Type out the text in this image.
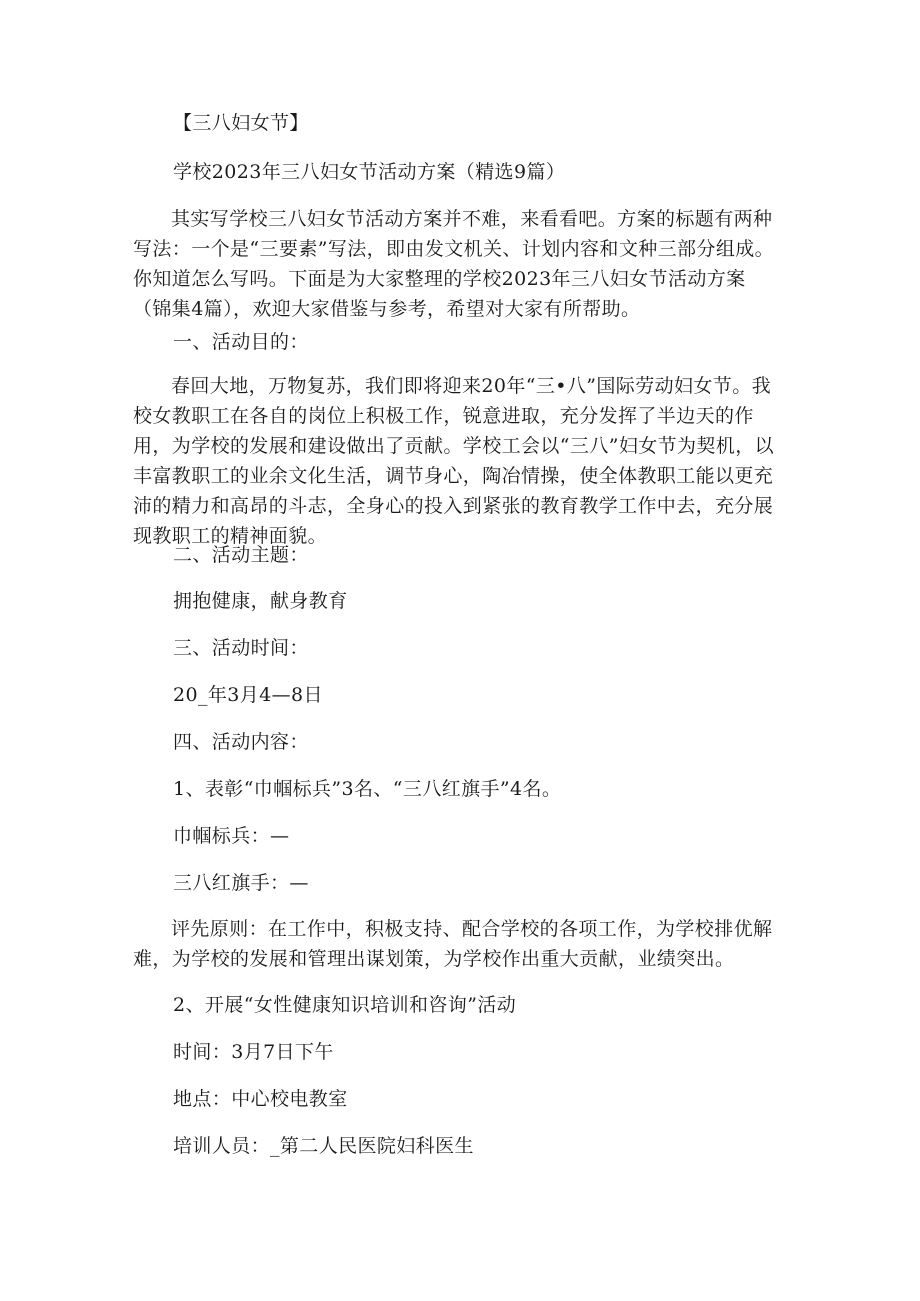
【三八妇女节】

学校2023年三八妇女节活动方案（精选9篇）

其实写学校三八妇女节活动方案并不难，来看看吧。方案的标题有两种写法：一个是“三要素”写法，即由发文机关、计划内容和文种三部分组成。你知道怎么写吗。下面是为大家整理的学校2023年三八妇女节活动方案（锦集4篇），欢迎大家借鉴与参考，希望对大家有所帮助。

一、活动目的：

春回大地，万物复苏，我们即将迎来20年“三•八”国际劳动妇女节。我校女教职工在各自的岗位上积极工作，锐意进取，充分发挥了半边天的作用，为学校的发展和建设做出了贡献。学校工会以“三八”妇女节为契机，以丰富教职工的业余文化生活，调节身心，陶冶情操，使全体教职工能以更充沛的精力和高昂的斗志，全身心的投入到紧张的教育教学工作中去，充分展现教职工的精神面貌。

二、活动主题：

拥抱健康，献身教育

三、活动时间：

20_年3月4—8日

四、活动内容：

1、表彰“巾帼标兵”3名、“三八红旗手”4名。

巾帼标兵：—

三八红旗手：—

评先原则：在工作中，积极支持、配合学校的各项工作，为学校排优解难，为学校的发展和管理出谋划策，为学校作出重大贡献，业绩突出。

2、开展“女性健康知识培训和咨询”活动

时间：3月7日下午

地点：中心校电教室

培训人员：_第二人民医院妇科医生
